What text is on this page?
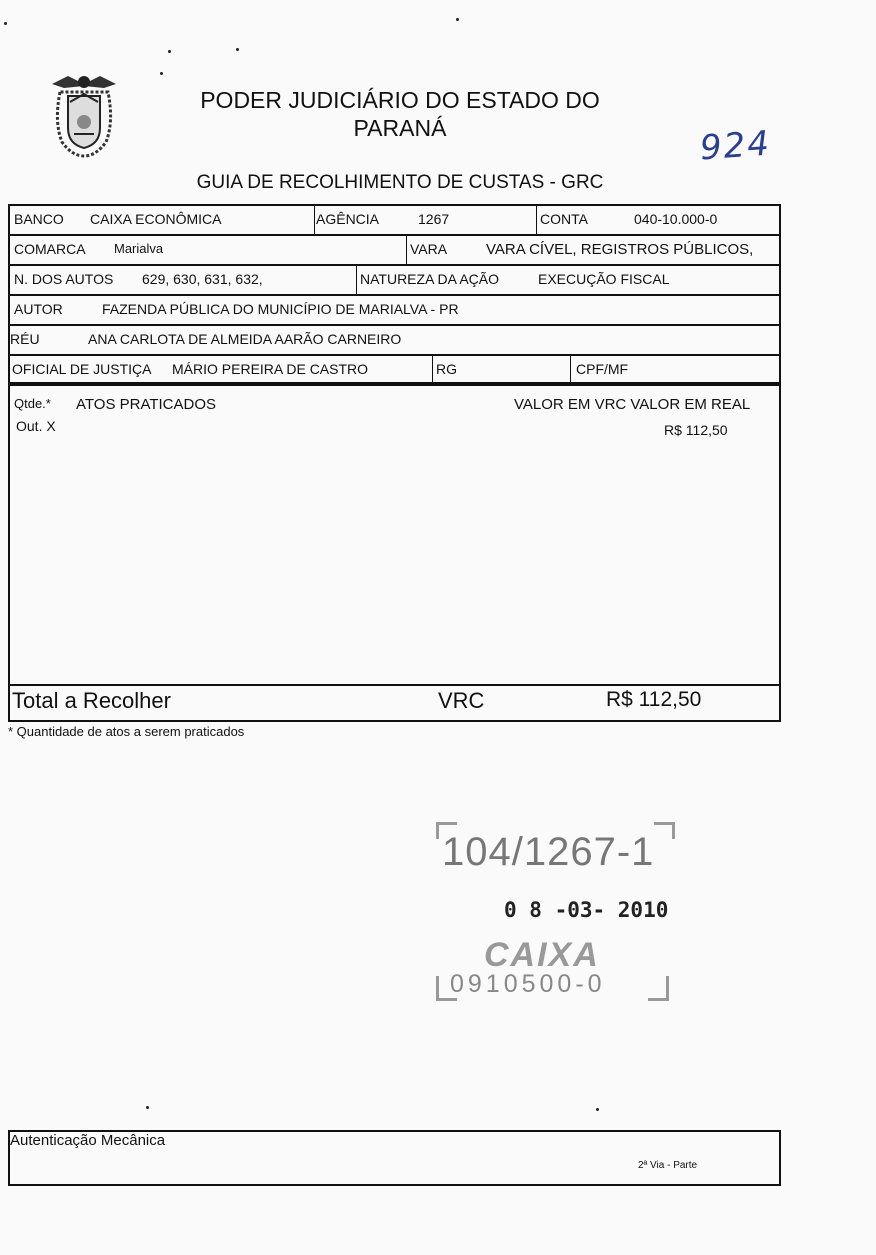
PODER JUDICIÁRIO DO ESTADO DO
PARANÁ	924
GUIA DE RECOLHIMENTO DE CUSTAS - GRC
BANCO CAIXA ECONÔMICA	AGÊNCIA	1267	CONTA	040-10.000-0
COMARCA Marialva	VARA	VARA CÍVEL, REGISTROS PÚBLICOS,
N. DOS AUTOS 629, 630, 631, 632,	NATUREZA DA AÇÃO	EXECUÇÃO FISCAL
AUTOR	FAZENDA PÚBLICA DO MUNICÍPIO DE MARIALVA - PR
RÉU	ANA CARLOTA DE ALMEIDA AARÃO CARNEIRO
OFICIAL DE JUSTIÇA MÁRIO PEREIRA DE CASTRO	RG	CPF/MF
Qtde.* ATOS PRATICADOS	VALOR EM VRC VALOR EM REAL
Out. X	R$ 112,50
Total a Recolher	VRC	R$ 112,50
* Quantidade de atos a serem praticados
104/1267-1
0 8 -03- 2010
CAIXA
0910500-0
Autenticação Mecânica
2ª Via - Parte
